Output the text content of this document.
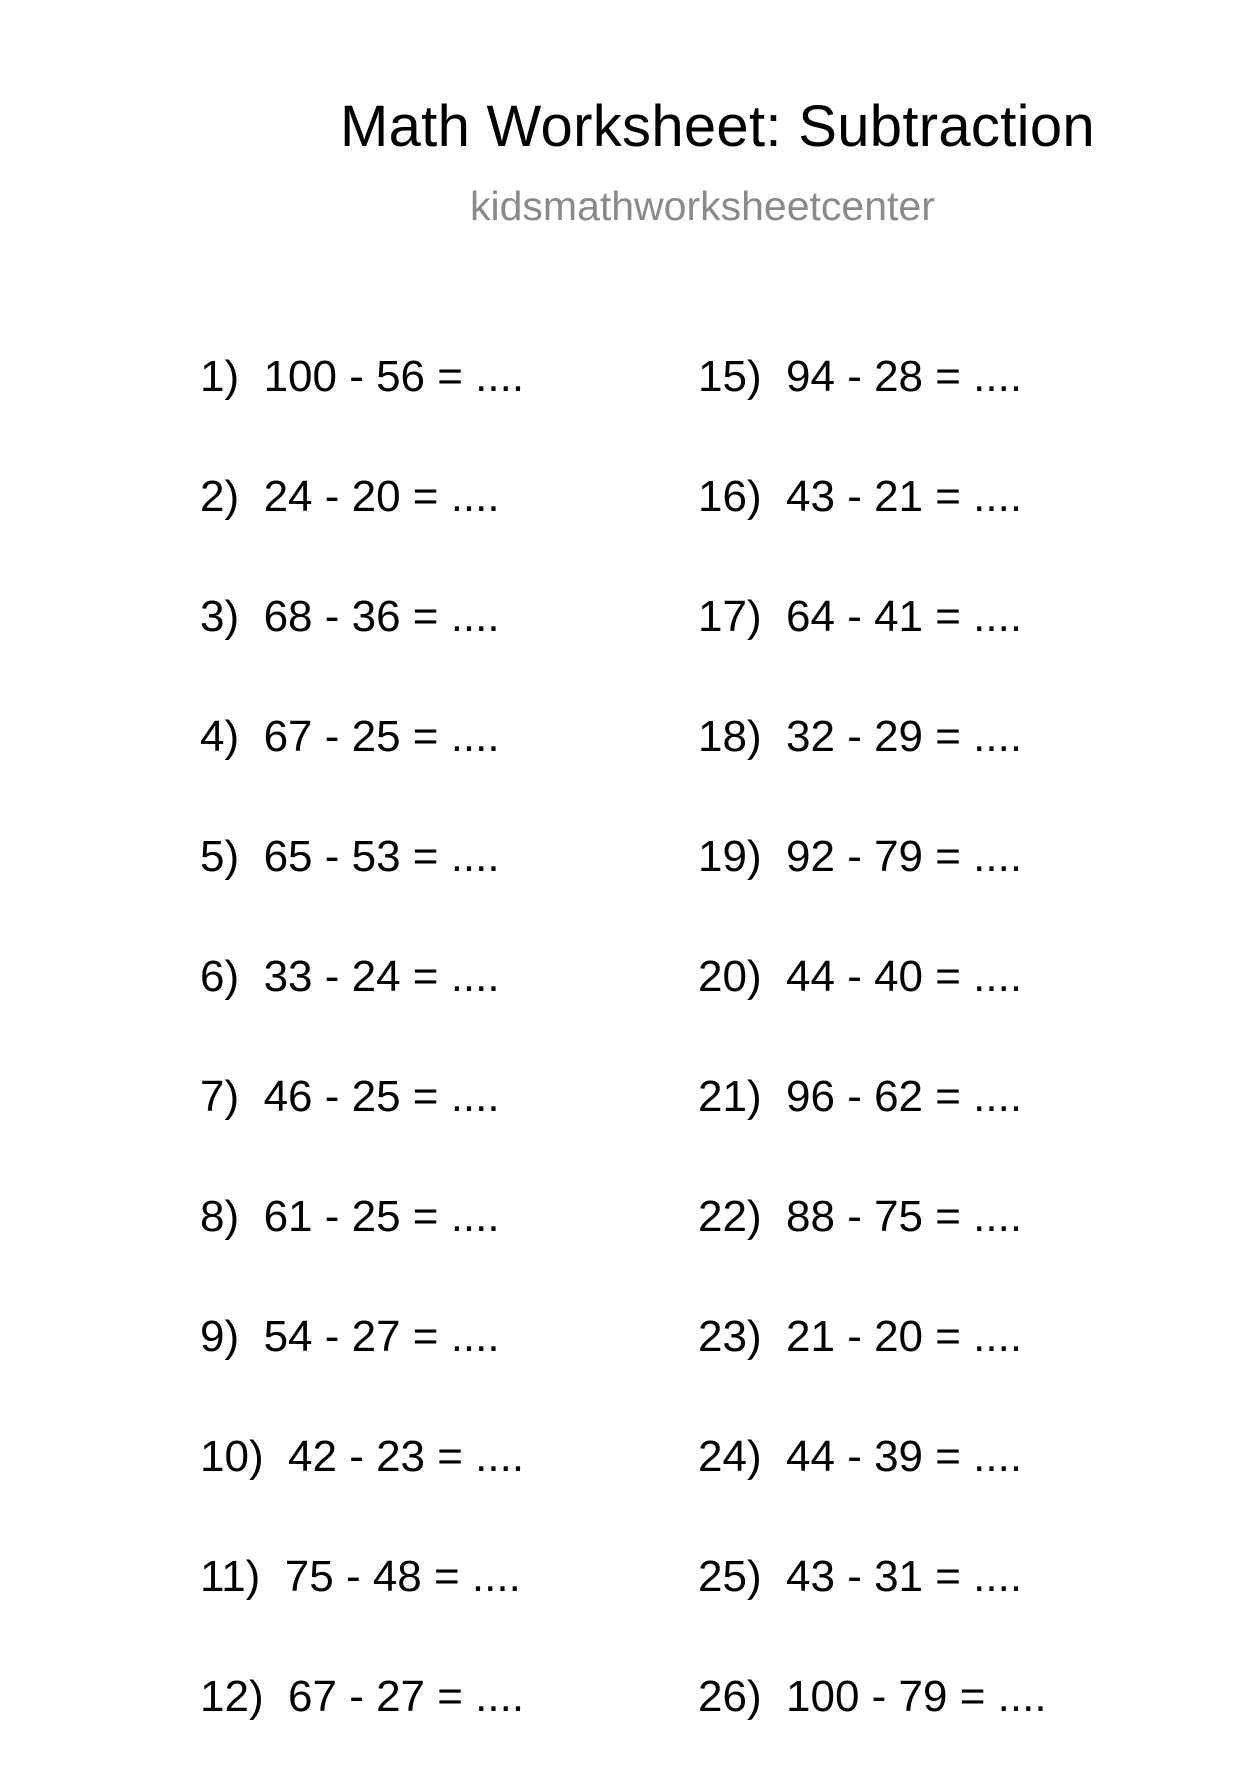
Math Worksheet: Subtraction
kidsmathworksheetcenter
1)  100 - 56 = ....
2)  24 - 20 = ....
3)  68 - 36 = ....
4)  67 - 25 = ....
5)  65 - 53 = ....
6)  33 - 24 = ....
7)  46 - 25 = ....
8)  61 - 25 = ....
9)  54 - 27 = ....
10)  42 - 23 = ....
11)  75 - 48 = ....
12)  67 - 27 = ....
15)  94 - 28 = ....
16)  43 - 21 = ....
17)  64 - 41 = ....
18)  32 - 29 = ....
19)  92 - 79 = ....
20)  44 - 40 = ....
21)  96 - 62 = ....
22)  88 - 75 = ....
23)  21 - 20 = ....
24)  44 - 39 = ....
25)  43 - 31 = ....
26)  100 - 79 = ....
